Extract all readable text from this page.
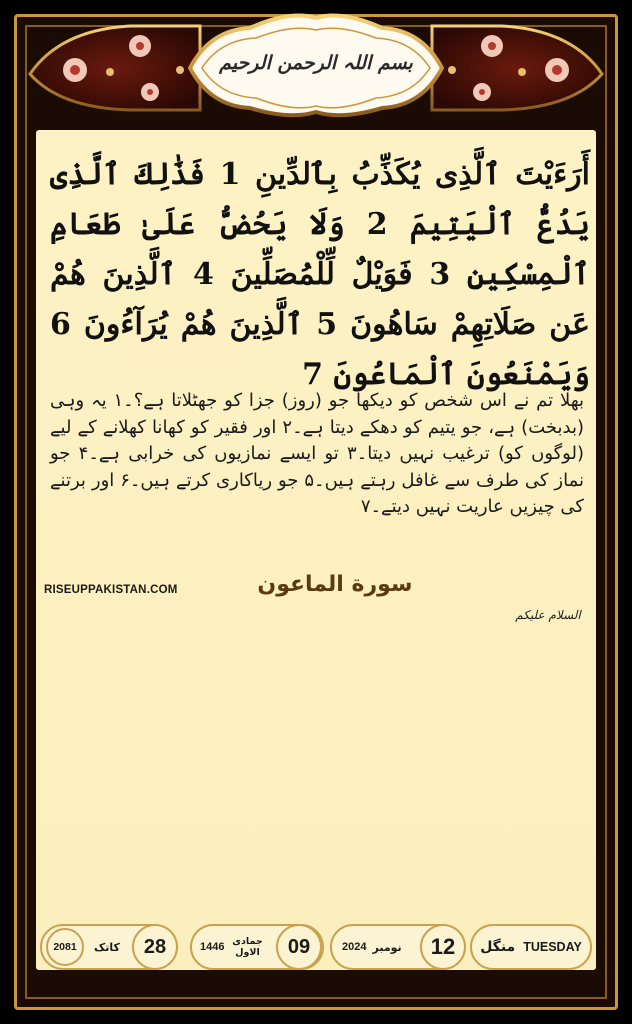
بسم اللہ الرحمن الرحیم
أَرَءَيْتَ ٱلَّذِى يُكَذِّبُ بِٱلدِّينِ 1 فَذَٰلِكَ ٱلَّذِى يَدُعُّ ٱلْيَتِيمَ 2 وَلَا يَحُضُّ عَلَىٰ طَعَامِ ٱلْمِسْكِينِ 3 فَوَيْلٌ لِّلْمُصَلِّينَ 4 ٱلَّذِينَ هُمْ عَن صَلَاتِهِمْ سَاهُونَ 5 ٱلَّذِينَ هُمْ يُرَآءُونَ 6 وَيَمْنَعُونَ ٱلْمَاعُونَ 7
بھلا تم نے اس شخص کو دیکھا جو (روز) جزا کو جھٹلاتا ہے؟۔۱ یہ وہی (بدبخت) ہے، جو یتیم کو دھکے دیتا ہے۔۲ اور فقیر کو کھانا کھلانے کے لیے (لوگوں کو) ترغیب نہیں دیتا۔۳ تو ایسے نمازیوں کی خرابی ہے۔۴ جو نماز کی طرف سے غافل رہتے ہیں۔۵ جو ریاکاری کرتے ہیں۔۶ اور برتنے کی چیزیں عاریت نہیں دیتے۔۷
RISEUPPAKISTAN.COM	سورة الماعون
السلام علیکم
منگل TUESDAY
2024 نومبر 12
1446 جمادی الاول 09
2081 کاتک 28
